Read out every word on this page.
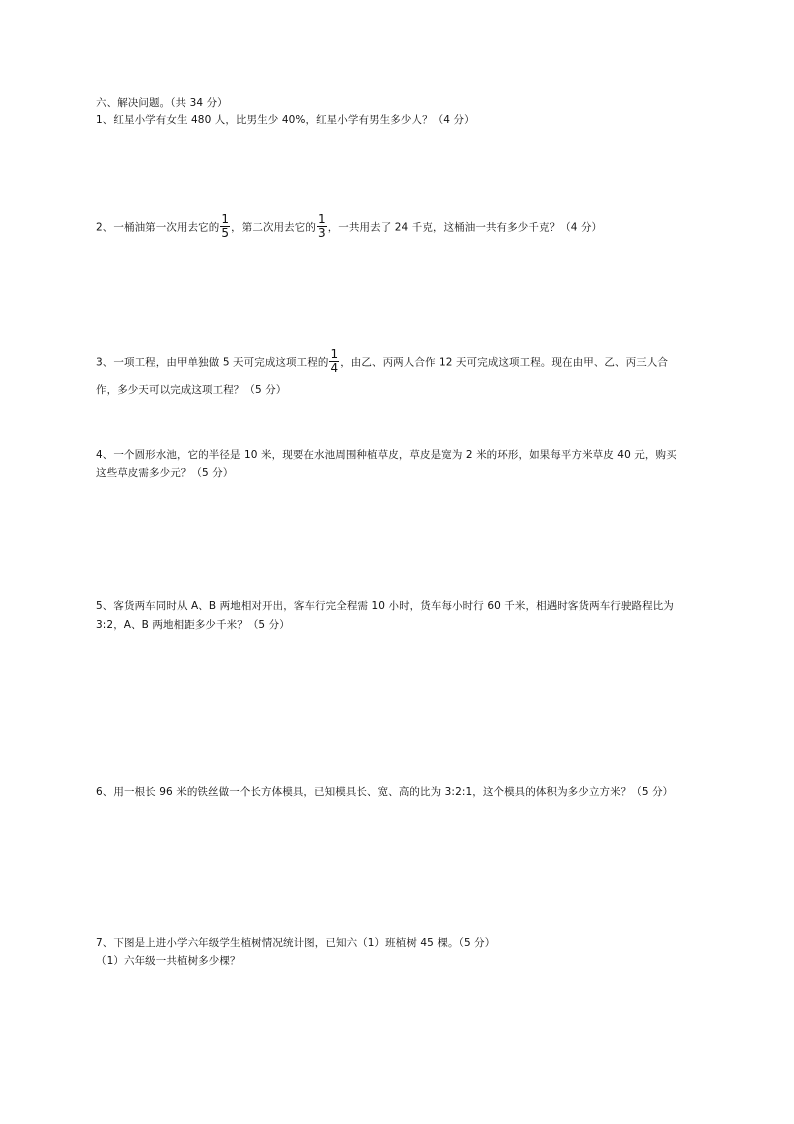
六、解决问题。（共 34 分）
1、红星小学有女生 480 人，比男生少 40%，红星小学有男生多少人？（4 分）
2、一桶油第一次用去它的 $\frac{1}{5}$ ，第二次用去它的 $\frac{1}{3}$ ，一共用去了 24 千克，这桶油一共有多少千克？（4 分）
3、一项工程，由甲单独做 5 天可完成这项工程的 $\frac{1}{4}$ ，由乙、丙两人合作 12 天可完成这项工程。现在由甲、乙、丙三人合
作，多少天可以完成这项工程？（5 分）
4、一个圆形水池，它的半径是 10 米，现要在水池周围种植草皮，草皮是宽为 2 米的环形，如果每平方米草皮 40 元，购买
这些草皮需多少元？（5 分）
5、客货两车同时从 A、B 两地相对开出，客车行完全程需 10 小时，货车每小时行 60 千米，相遇时客货两车行驶路程比为
3:2，A、B 两地相距多少千米？（5 分）
6、用一根长 96 米的铁丝做一个长方体模具，已知模具长、宽、高的比为 3:2:1，这个模具的体积为多少立方米？（5 分）
7、下图是上进小学六年级学生植树情况统计图，已知六（1）班植树 45 棵。（5 分）
（1）六年级一共植树多少棵？
